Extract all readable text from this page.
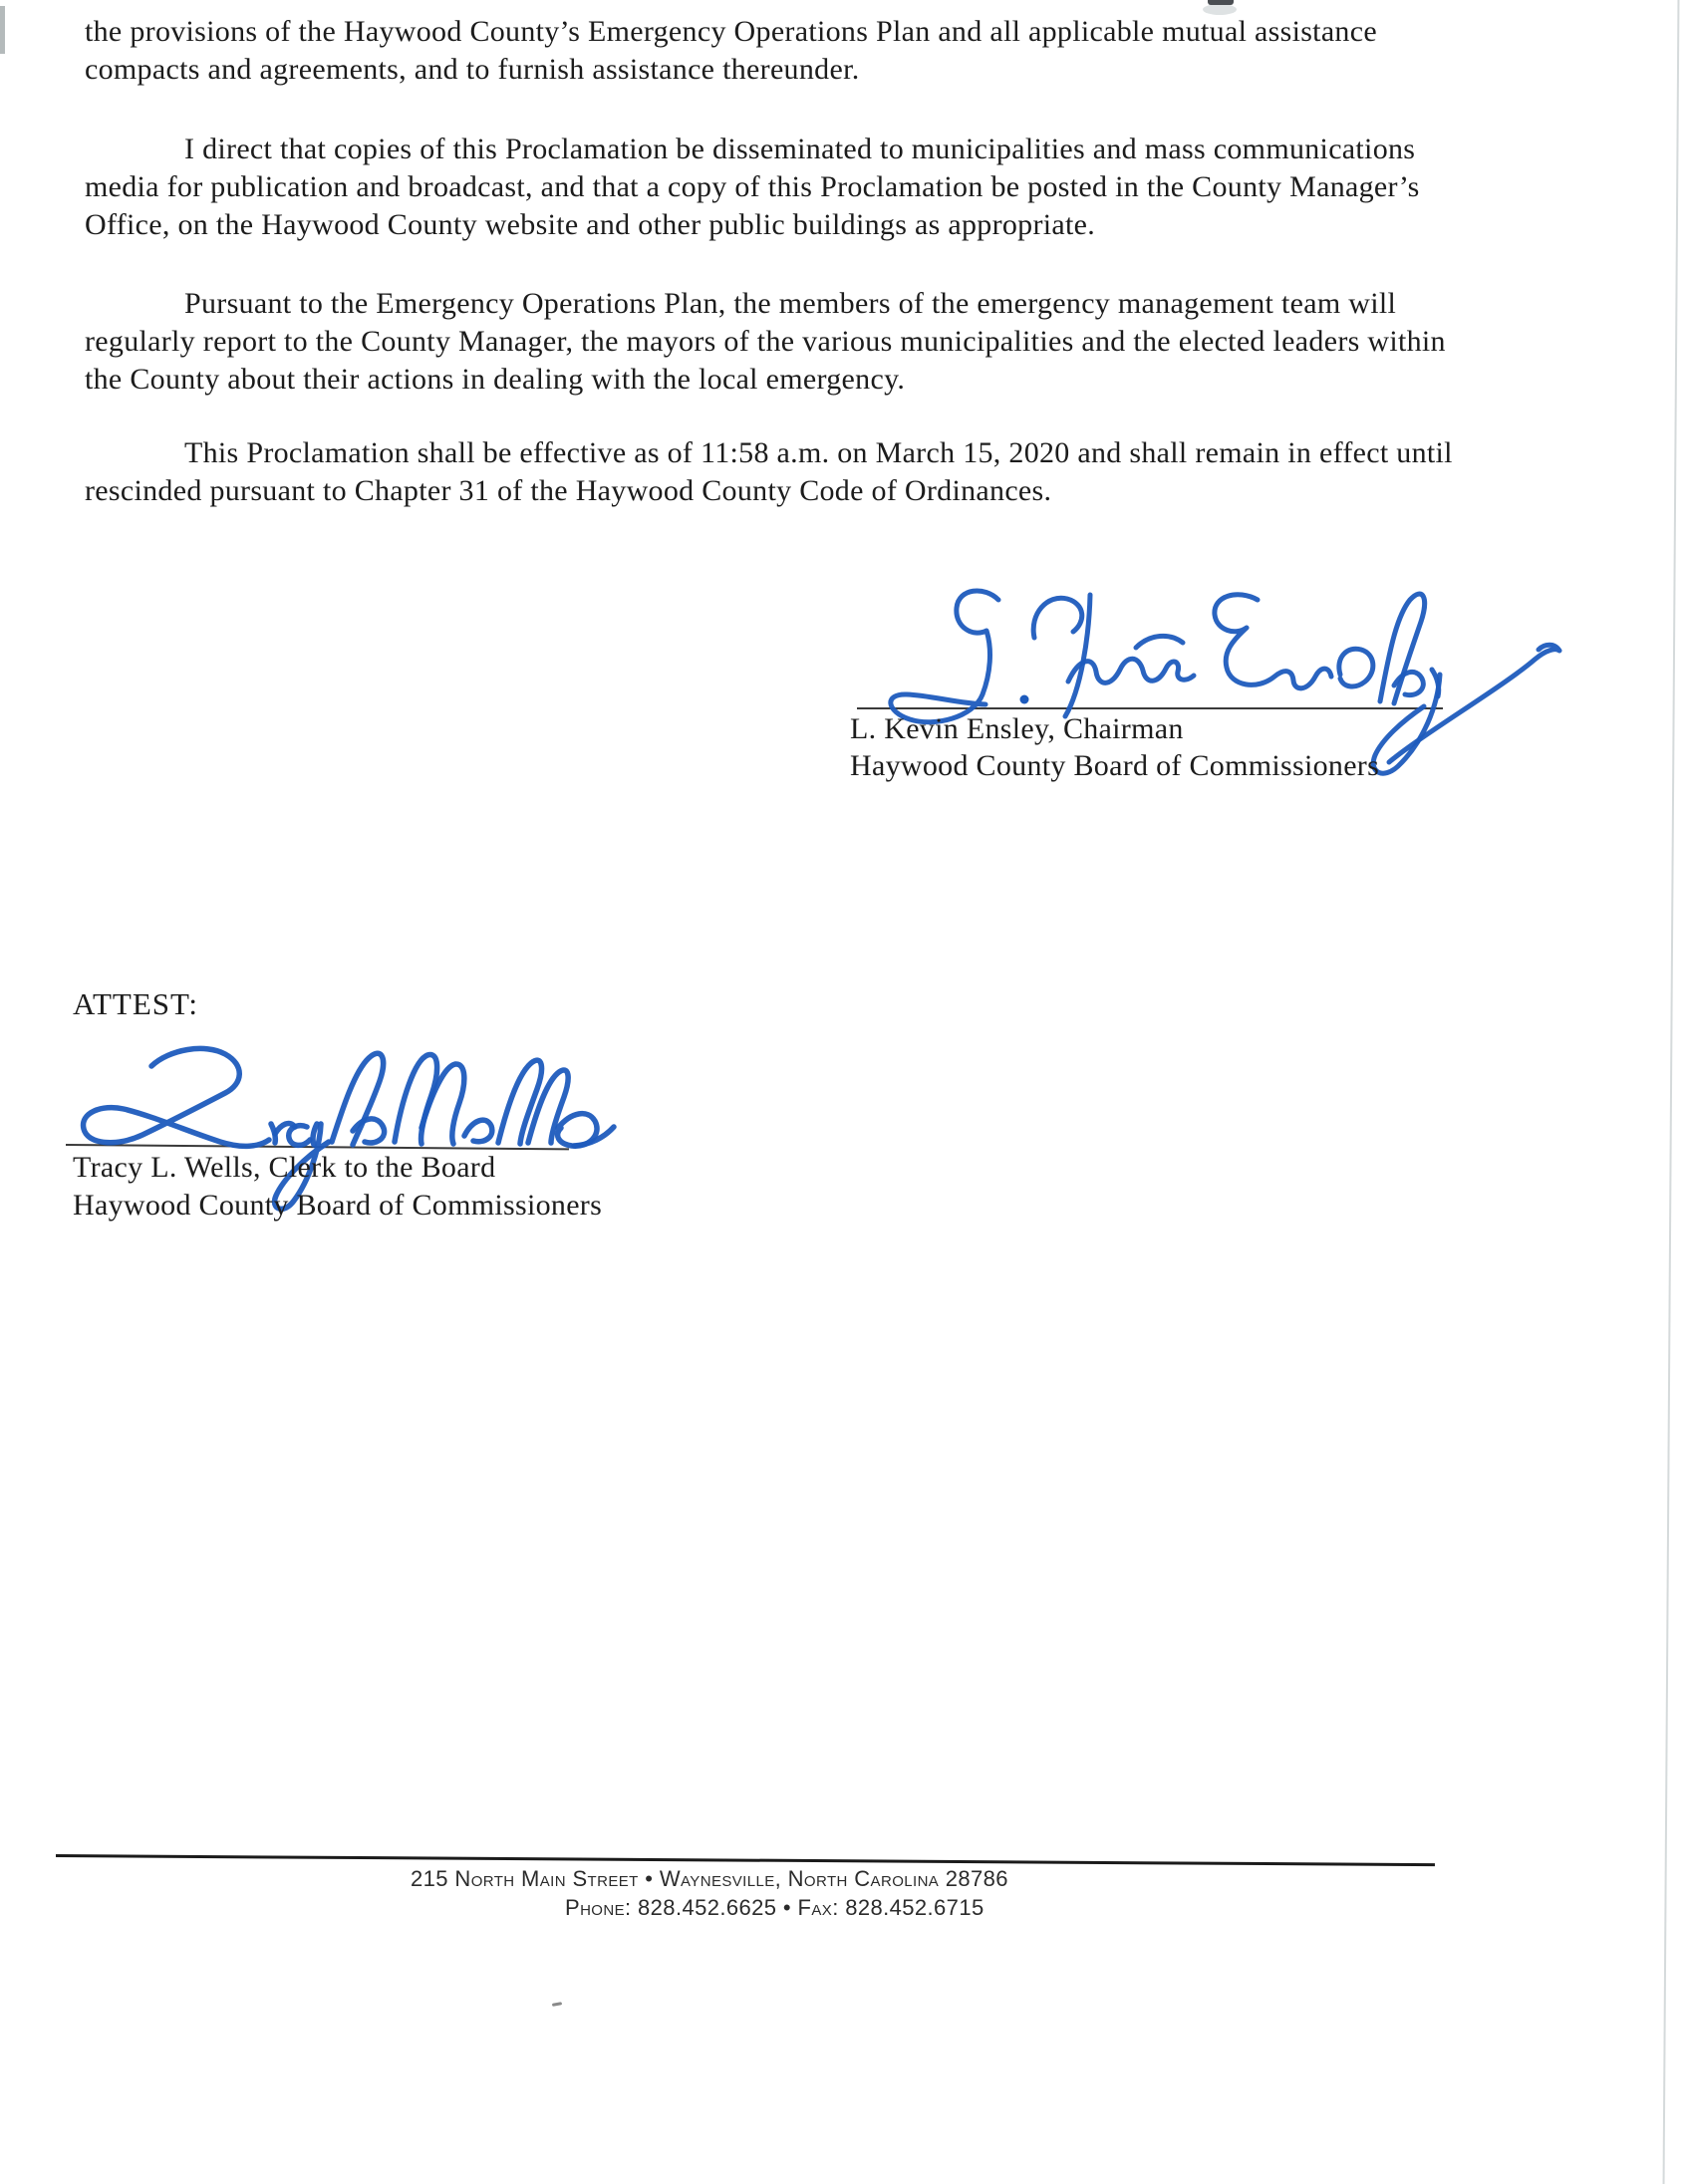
the provisions of the Haywood County’s Emergency Operations Plan and all applicable mutual assistance
compacts and agreements, and to furnish assistance thereunder.
I direct that copies of this Proclamation be disseminated to municipalities and mass communications
media for publication and broadcast, and that a copy of this Proclamation be posted in the County Manager’s
Office, on the Haywood County website and other public buildings as appropriate.
Pursuant to the Emergency Operations Plan, the members of the emergency management team will
regularly report to the County Manager, the mayors of the various municipalities and the elected leaders within
the County about their actions in dealing with the local emergency.
This Proclamation shall be effective as of 11:58 a.m. on March 15, 2020 and shall remain in effect until
rescinded pursuant to Chapter 31 of the Haywood County Code of Ordinances.
L. Kevin Ensley, Chairman
Haywood County Board of Commissioners
ATTEST:
Tracy L. Wells, Clerk to the Board
Haywood County Board of Commissioners
215 North Main Street • Waynesville, North Carolina 28786
Phone: 828.452.6625 • Fax: 828.452.6715
